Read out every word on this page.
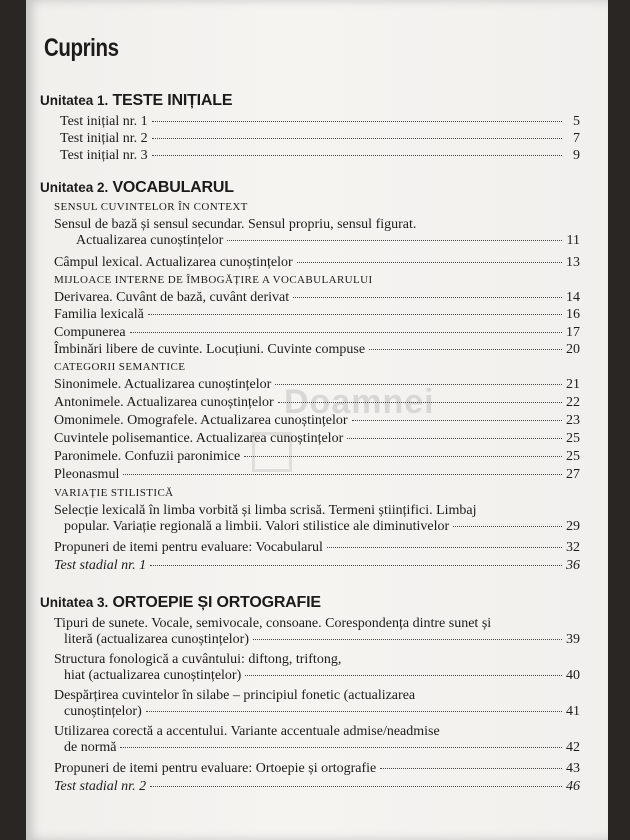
Doamnei
Cuprins
Unitatea 1. TESTE INIȚIALE
Test inițial nr. 1	5
Test inițial nr. 2	7
Test inițial nr. 3	9
Unitatea 2. VOCABULARUL
SENSUL CUVINTELOR ÎN CONTEXT
Sensul de bază și sensul secundar. Sensul propriu, sensul figurat.
Actualizarea cunoștințelor	11
Câmpul lexical. Actualizarea cunoștințelor	13
MIJLOACE INTERNE DE ÎMBOGĂȚIRE A VOCABULARULUI
Derivarea. Cuvânt de bază, cuvânt derivat	14
Familia lexicală	16
Compunerea	17
Îmbinări libere de cuvinte. Locuțiuni. Cuvinte compuse	20
CATEGORII SEMANTICE
Sinonimele. Actualizarea cunoștințelor	21
Antonimele. Actualizarea cunoștințelor	22
Omonimele. Omografele. Actualizarea cunoștințelor	23
Cuvintele polisemantice. Actualizarea cunoștințelor	25
Paronimele. Confuzii paronimice	25
Pleonasmul	27
VARIAȚIE STILISTICĂ
Selecție lexicală în limba vorbită și limba scrisă. Termeni științifici. Limbaj
popular. Variație regională a limbii. Valori stilistice ale diminutivelor	29
Propuneri de itemi pentru evaluare: Vocabularul	32
Test stadial nr. 1	36
Unitatea 3. ORTOEPIE ȘI ORTOGRAFIE
Tipuri de sunete. Vocale, semivocale, consoane. Corespondența dintre sunet și
literă (actualizarea cunoștințelor)	39
Structura fonologică a cuvântului: diftong, triftong,
hiat (actualizarea cunoștințelor)	40
Despărțirea cuvintelor în silabe – principiul fonetic (actualizarea
cunoștințelor)	41
Utilizarea corectă a accentului. Variante accentuale admise/neadmise
de normă	42
Propuneri de itemi pentru evaluare: Ortoepie și ortografie	43
Test stadial nr. 2	46
